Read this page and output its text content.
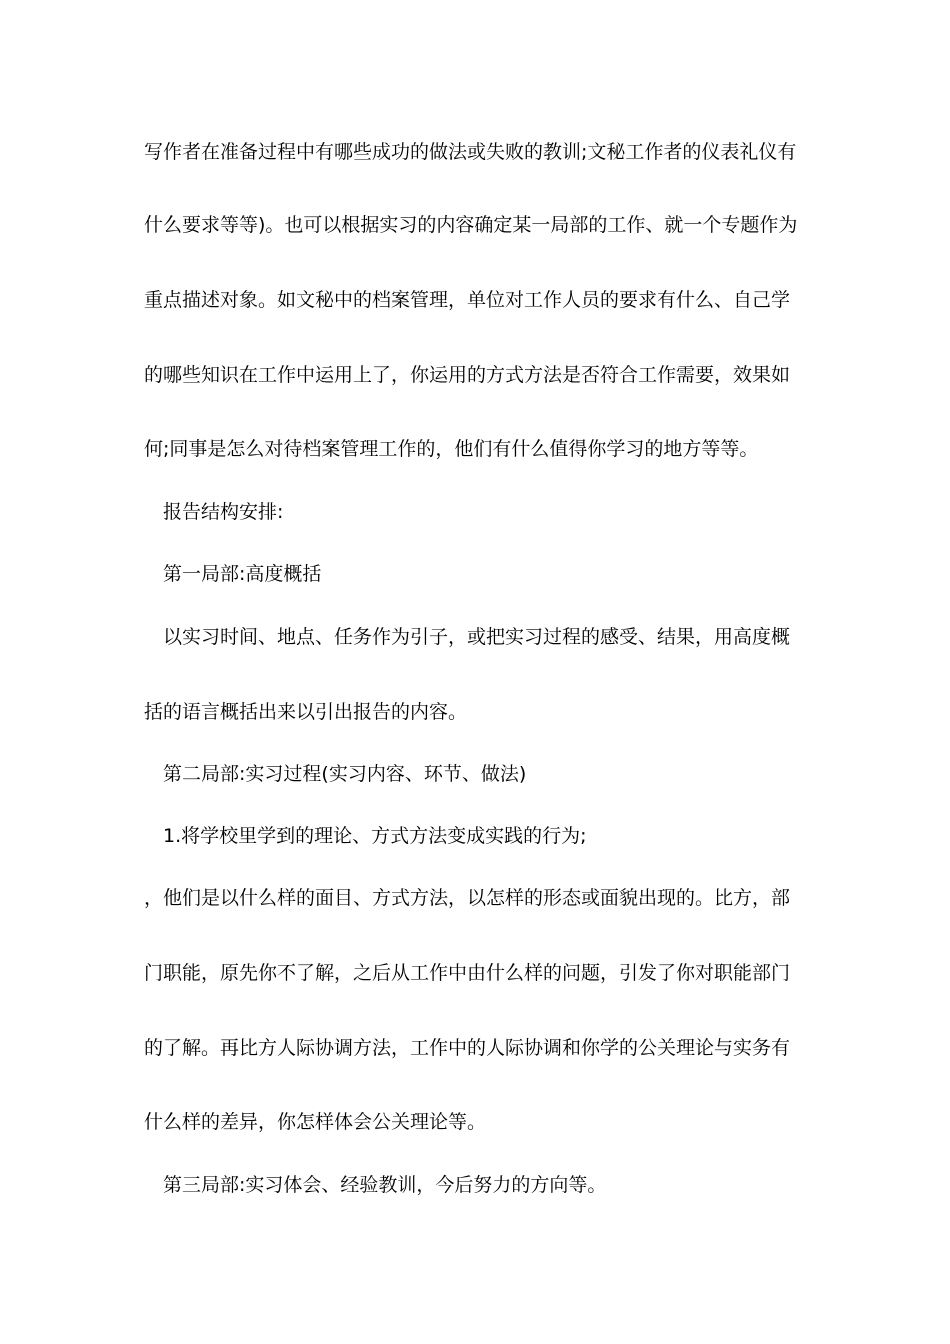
写作者在准备过程中有哪些成功的做法或失败的教训;文秘工作者的仪表礼仪有
什么要求等等)。也可以根据实习的内容确定某一局部的工作、就一个专题作为
重点描述对象。如文秘中的档案管理，单位对工作人员的要求有什么、自己学
的哪些知识在工作中运用上了，你运用的方式方法是否符合工作需要，效果如
何;同事是怎么对待档案管理工作的，他们有什么值得你学习的地方等等。
报告结构安排:
第一局部:高度概括
以实习时间、地点、任务作为引子，或把实习过程的感受、结果，用高度概
括的语言概括出来以引出报告的内容。
第二局部:实习过程(实习内容、环节、做法)
1.将学校里学到的理论、方式方法变成实践的行为;
，他们是以什么样的面目、方式方法，以怎样的形态或面貌出现的。比方，部
门职能，原先你不了解，之后从工作中由什么样的问题，引发了你对职能部门
的了解。再比方人际协调方法，工作中的人际协调和你学的公关理论与实务有
什么样的差异，你怎样体会公关理论等。
第三局部:实习体会、经验教训，今后努力的方向等。
